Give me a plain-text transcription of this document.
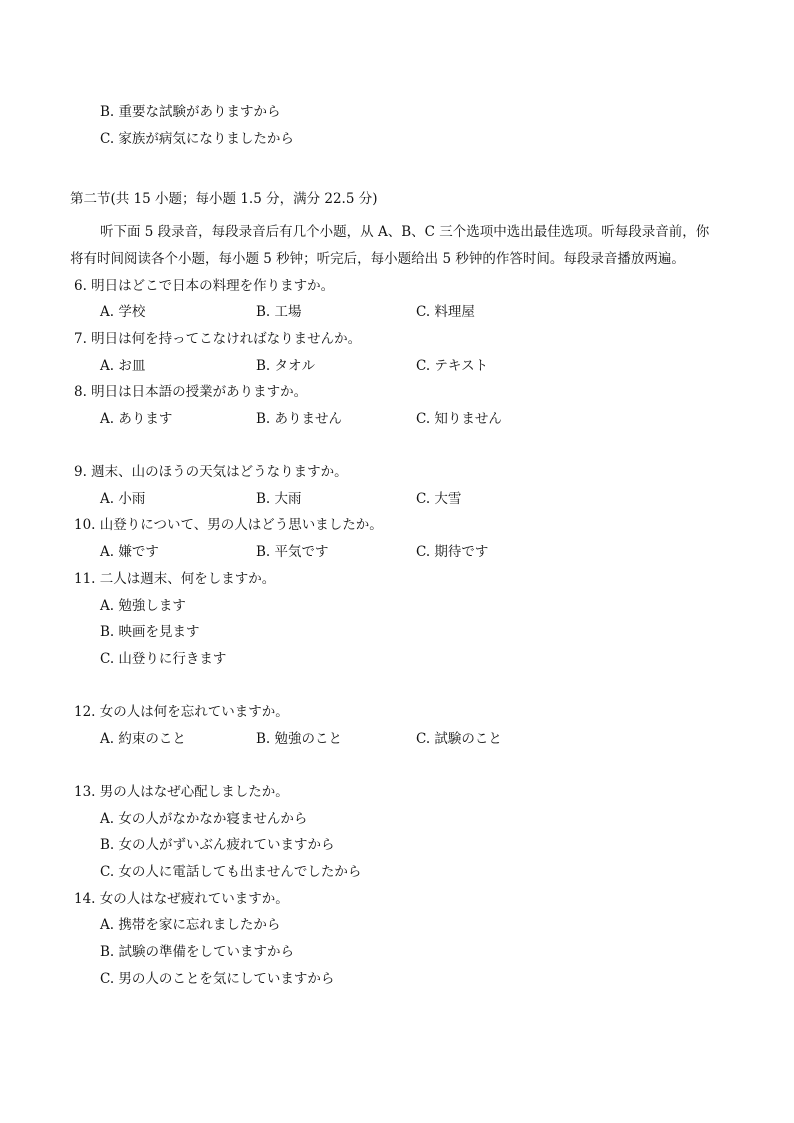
B. 重要な試験がありますから
C. 家族が病気になりましたから
第二节(共 15 小题；每小题 1.5 分，满分 22.5 分)
听下面 5 段录音，每段录音后有几个小题，从 A、B、C 三个选项中选出最佳选项。听每段录音前，你
将有时间阅读各个小题，每小题 5 秒钟；听完后，每小题给出 5 秒钟的作答时间。每段录音播放两遍。
6. 明日はどこで日本の料理を作りますか。
A. 学校	B. 工場	C. 料理屋
7. 明日は何を持ってこなければなりませんか。
A. お皿	B. タオル	C. テキスト
8. 明日は日本語の授業がありますか。
A. あります	B. ありません	C. 知りません
9. 週末、山のほうの天気はどうなりますか。
A. 小雨	B. 大雨	C. 大雪
10. 山登りについて、男の人はどう思いましたか。
A. 嫌です	B. 平気です	C. 期待です
11. 二人は週末、何をしますか。
A. 勉強します
B. 映画を見ます
C. 山登りに行きます
12. 女の人は何を忘れていますか。
A. 約束のこと	B. 勉強のこと	C. 試験のこと
13. 男の人はなぜ心配しましたか。
A. 女の人がなかなか寝ませんから
B. 女の人がずいぶん疲れていますから
C. 女の人に電話しても出ませんでしたから
14. 女の人はなぜ疲れていますか。
A. 携帯を家に忘れましたから
B. 試験の準備をしていますから
C. 男の人のことを気にしていますから
